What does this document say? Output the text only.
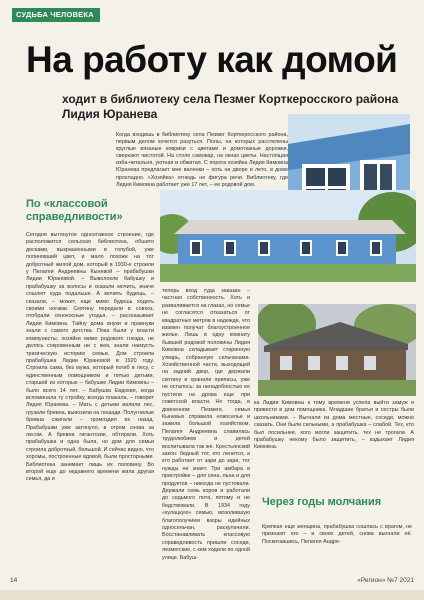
СУДЬБА ЧЕЛОВЕКА
На работу как домой
ходит в библиотеку села Пезмег Корткеросского района Лидия Юранева
Когда входишь в библиотеку села Пезмег Корткеросского района, первым делом хочется разуться. Полы, на которых расстелены круглые вязаные коврики с цветами и домотканые дорожки, сверкают чистотой. На столе самовар, на окнах цветы. Настоящая изба-читальня, уютная и обжитая. С порога хозяйка Лидия Кимовна Юранева предлагает мне валенки – хоть на дворе и лето, в доме прохладно. «Хозяйка» отнюдь не фигура речи. Библиотеку, где Лидия Кимовна работает уже 17 лет, – ее родовой дом.
По «классовой справедливости»
Сегодня вытянутое одноэтажное строение, где расположится сельская библиотека, обшито досками, выкрашенными в голубой, уже полинявший цвет, и мало похоже на тот добротный жилой дом, который в 1930-е строили у Пелагеи Андреевны Кыневой – прабабушки Лидии Юрановой. – Выволокли бабушку и прабабушку за волосы и сказали мочить, иначе сошлют куда подальше. А мочить будешь, – сказали, – может, еще мимо будешь ходить своими ногами. Скотину передали в совхоз, отобрали сенокосные угодья, – рассказывает Лидия Кимовна. Тайну дома внуки и правнуки знали с самого детства. Пока были у власти коммунисты, хозяйки мимо родового гнезда, не делясь сокровенным ни с кем, знали наизусть трагическую историю семьи. Дом строила прабабушка Лидии Юрановой в 1920 году. Строила сама, без мужа, который погиб в лесу, с единственным помощником и пятью детьми, старшей из которых – бабушке Лидии Кимовны – было всего 14 лет. – Бабушка Евдокия, когда вспоминала ту стройку, всегда плакала, – говорит Лидия Юранева. – Мать с детьми валили лес, грузили бревна, вывозили на лошади. Полугнилые бревна сжигали – громоздил их назад. Прабабушки уже затянуло, в огром снова за лесом. А бревна гигантские, обтирали. Хоть прабабушка и одна была, но дом для семьи строила добротный, большой. И сейчас видно, что хоромы, построенные вдовой, были просторными. Библиотека занимает лишь их половину. Во второй еще до недавнего времени жила другая семья, да и
теперь вход туда заказан – частная собственность. Хоть и разваливается на глазах, но семье не согласятся отказаться от квадратных метров в надежде, что взамен получат благоустроенное жилье. Лишь в одну комнату бывшей родовой половины Лидия Кимовна складывает старинную утварь, собранную сельчанами. Хозяйственной части, выходящей на задний двор, где держали скотину и хранили припасы, уже не осталось: за ненадобностью ее пустили на дрова еще при советской власти. Но тогда, в довоенном Пезмеге, семья Кыневых справила новоселье и зажила большой хозяйством. Пелагея Андреевна славилась трудолюбием и детей воспитывала так же. Крестьянский закон: бедный тот, кто ленится, а кто работает от зари до зари, тот нужды не знает. Три амбара в пристройке – для сена, льна и для продуктов – никогда не пустовали. Держали семь коров и работали до седьмого пота, потому и не бедствовали. В 1934 году «кулацкую» семью, мозолившую благополучием взоры идейных односельчан, раскулачили. Восстанавливать классовую справедливость пришли соседи, лезмегские, с кем ходили по одной улице. Бабуш-
ка Лидии Кимовны к тому времени успела выйти замуж и привести в дом помощника. Младшие братья и сестры были школьниками. – Выгнали из дома местные, соседи, можно сказать. Они были сильными, а прабабушка – слабой. Тех, кто был посильнее, кого могли защитить, тех не трогали. А прабабушку некому было защитить, – вздыхает Лидия Кимовна.
Через годы молчания
Крепкая еще женщина, прабабушка сошлась с врагом, не признают его – и своих детей, снова выгнали её. Поскитавшись, Пелагея Андре-
14	«Регион» №7 2021
